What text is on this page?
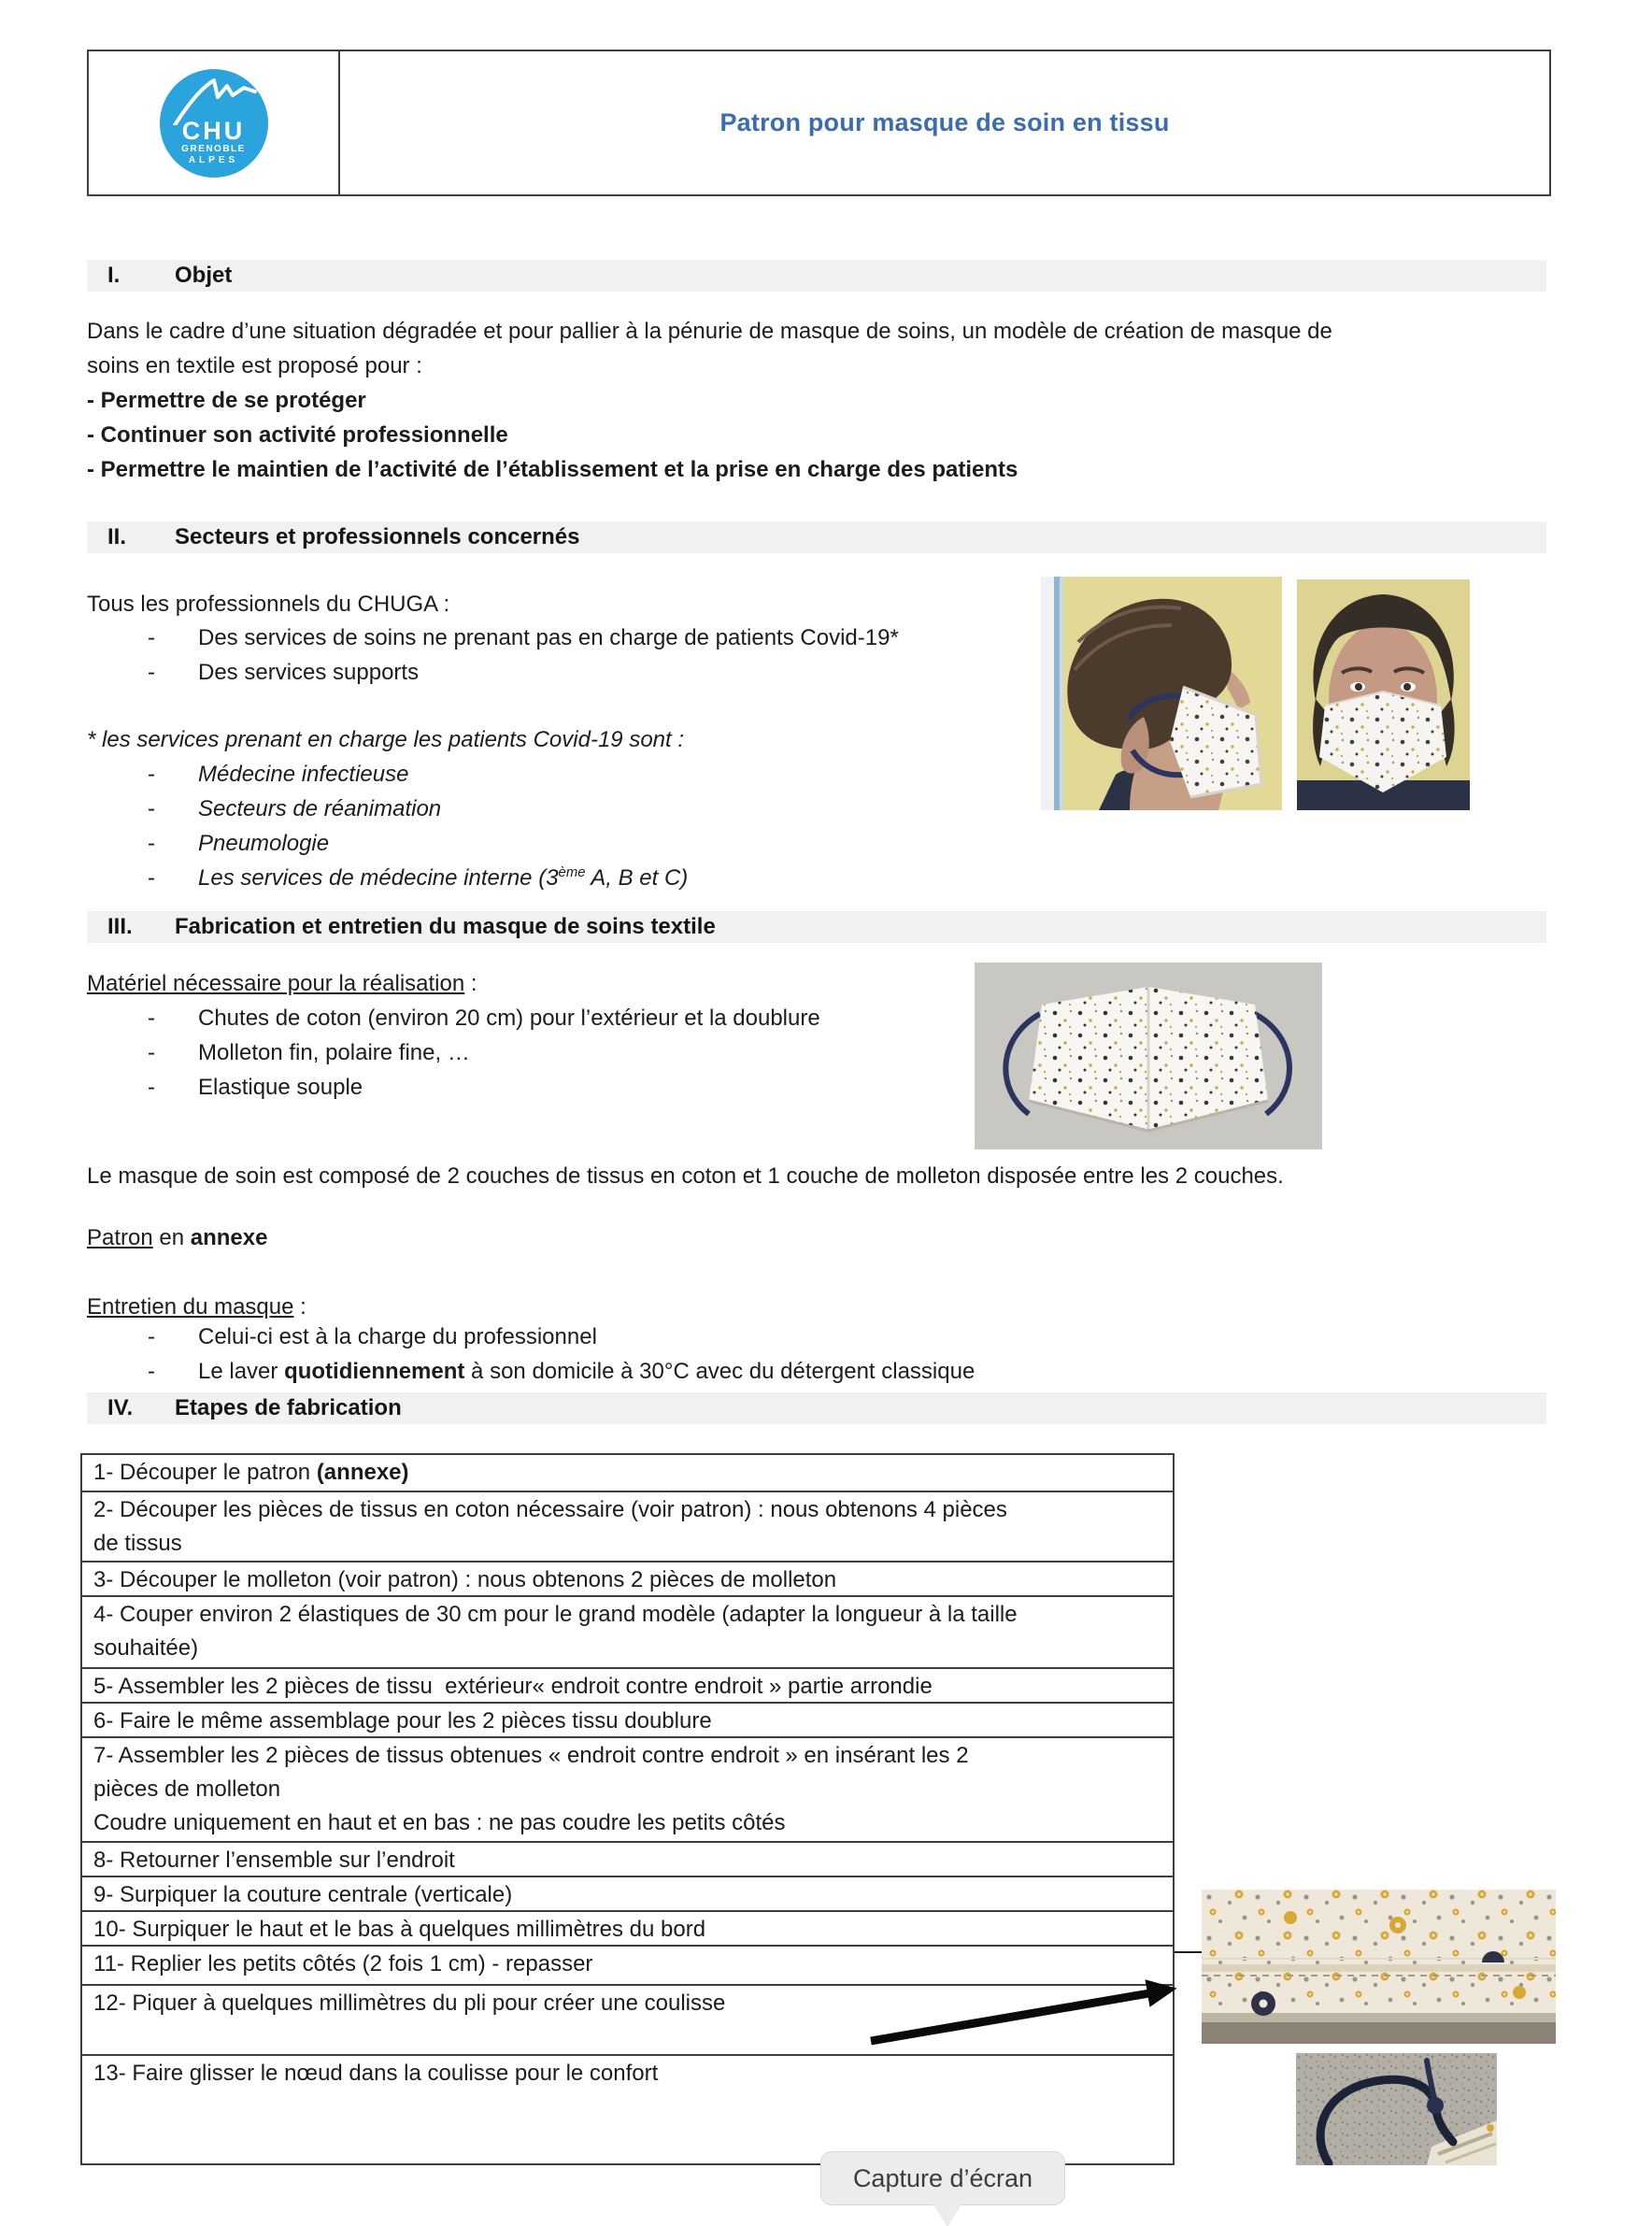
CHU
GRENOBLE
ALPES
Patron pour masque de soin en tissu
I.	Objet
II.	Secteurs et professionnels concernés
III.	Fabrication et entretien du masque de soins textile
IV.	Etapes de fabrication
Dans le cadre d’une situation dégradée et pour pallier à la pénurie de masque de soins, un modèle de création de masque de
soins en textile est proposé pour :
- Permettre de se protéger
- Continuer son activité professionnelle
- Permettre le maintien de l’activité de l’établissement et la prise en charge des patients
Tous les professionnels du CHUGA :
-	Des services de soins ne prenant pas en charge de patients Covid-19*
-	Des services supports
* les services prenant en charge les patients Covid-19 sont :
-	Médecine infectieuse
-	Secteurs de réanimation
-	Pneumologie
-	Les services de médecine interne (3ème A, B et C)
Matériel nécessaire pour la réalisation :
-	Chutes de coton (environ 20 cm) pour l’extérieur et la doublure
-	Molleton fin, polaire fine, …
-	Elastique souple
Le masque de soin est composé de 2 couches de tissus en coton et 1 couche de molleton disposée entre les 2 couches.
Patron en annexe
Entretien du masque :
-	Celui-ci est à la charge du professionnel
-	Le laver quotidiennement à son domicile à 30°C avec du détergent classique
1- Découper le patron (annexe)
2- Découper les pièces de tissus en coton nécessaire (voir patron) : nous obtenons 4 pièces
de tissus
3- Découper le molleton (voir patron) : nous obtenons 2 pièces de molleton
4- Couper environ 2 élastiques de 30 cm pour le grand modèle (adapter la longueur à la taille
souhaitée)
5- Assembler les 2 pièces de tissu  extérieur« endroit contre endroit » partie arrondie
6- Faire le même assemblage pour les 2 pièces tissu doublure
7- Assembler les 2 pièces de tissus obtenues « endroit contre endroit » en insérant les 2
pièces de molleton
Coudre uniquement en haut et en bas : ne pas coudre les petits côtés
8- Retourner l’ensemble sur l’endroit
9- Surpiquer la couture centrale (verticale)
10- Surpiquer le haut et le bas à quelques millimètres du bord
11- Replier les petits côtés (2 fois 1 cm) - repasser
12- Piquer à quelques millimètres du pli pour créer une coulisse
13- Faire glisser le nœud dans la coulisse pour le confort
Capture d’écran
